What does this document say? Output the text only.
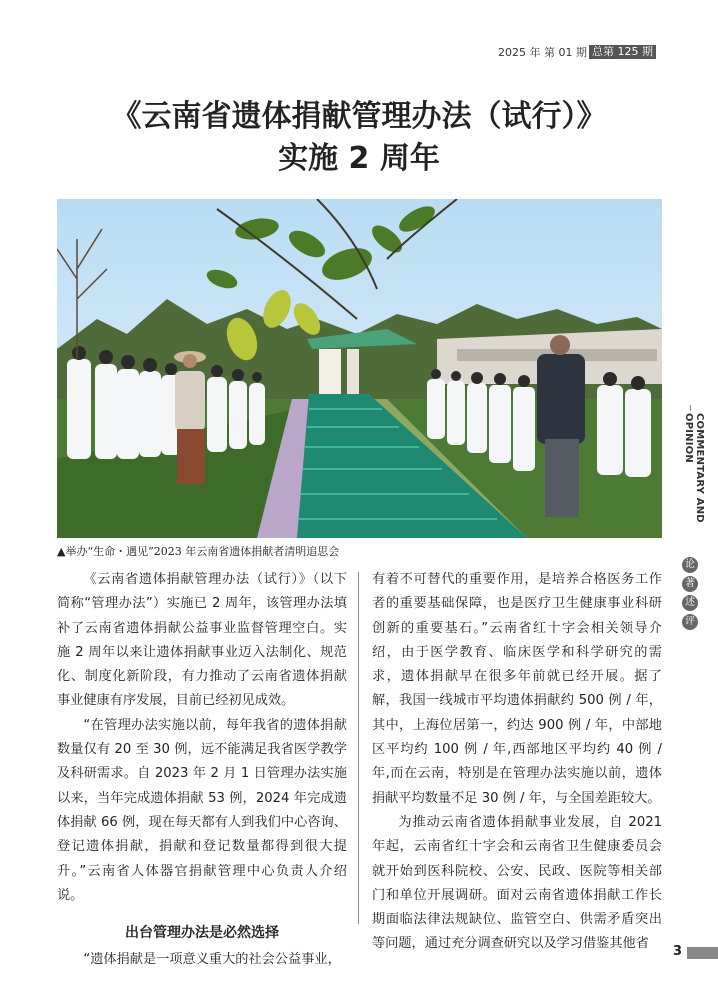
2025 年 第 01 期 总第 125 期
《云南省遗体捐献管理办法（试行）》
实施 2 周年
▲举办“生命・遇见”2023 年云南省遗体捐献者清明追思会

《云南省遗体捐献管理办法（试行）》（以下简称“管理办法”）实施已 2 周年，该管理办法填补了云南省遗体捐献公益事业监督管理空白。实施 2 周年以来让遗体捐献事业迈入法制化、规范化、制度化新阶段，有力推动了云南省遗体捐献事业健康有序发展，目前已经初见成效。

“在管理办法实施以前，每年我省的遗体捐献数量仅有 20 至 30 例，远不能满足我省医学教学及科研需求。自 2023 年 2 月 1 日管理办法实施以来，当年完成遗体捐献 53 例，2024 年完成遗体捐献 66 例，现在每天都有人到我们中心咨询、登记遗体捐献，捐献和登记数量都得到很大提升。”云南省人体器官捐献管理中心负责人介绍说。

出台管理办法是必然选择

“遗体捐献是一项意义重大的社会公益事业，

有着不可替代的重要作用，是培养合格医务工作者的重要基础保障，也是医疗卫生健康事业科研创新的重要基石。”云南省红十字会相关领导介绍，由于医学教育、临床医学和科学研究的需求，遗体捐献早在很多年前就已经开展。据了解，我国一线城市平均遗体捐献约 500 例 / 年，其中，上海位居第一，约达 900 例 / 年，中部地区平均约 100 例 / 年,西部地区平均约 40 例 / 年,而在云南，特别是在管理办法实施以前，遗体捐献平均数量不足 30 例 / 年，与全国差距较大。

为推动云南省遗体捐献事业发展，自 2021 年起，云南省红十字会和云南省卫生健康委员会就开始到医科院校、公安、民政、医院等相关部门和单位开展调研。面对云南省遗体捐献工作长期面临法律法规缺位、监管空白、供需矛盾突出等问题，通过充分调查研究以及学习借鉴其他省

COMMENTARY AND OPINION
论
著
述
评
3
